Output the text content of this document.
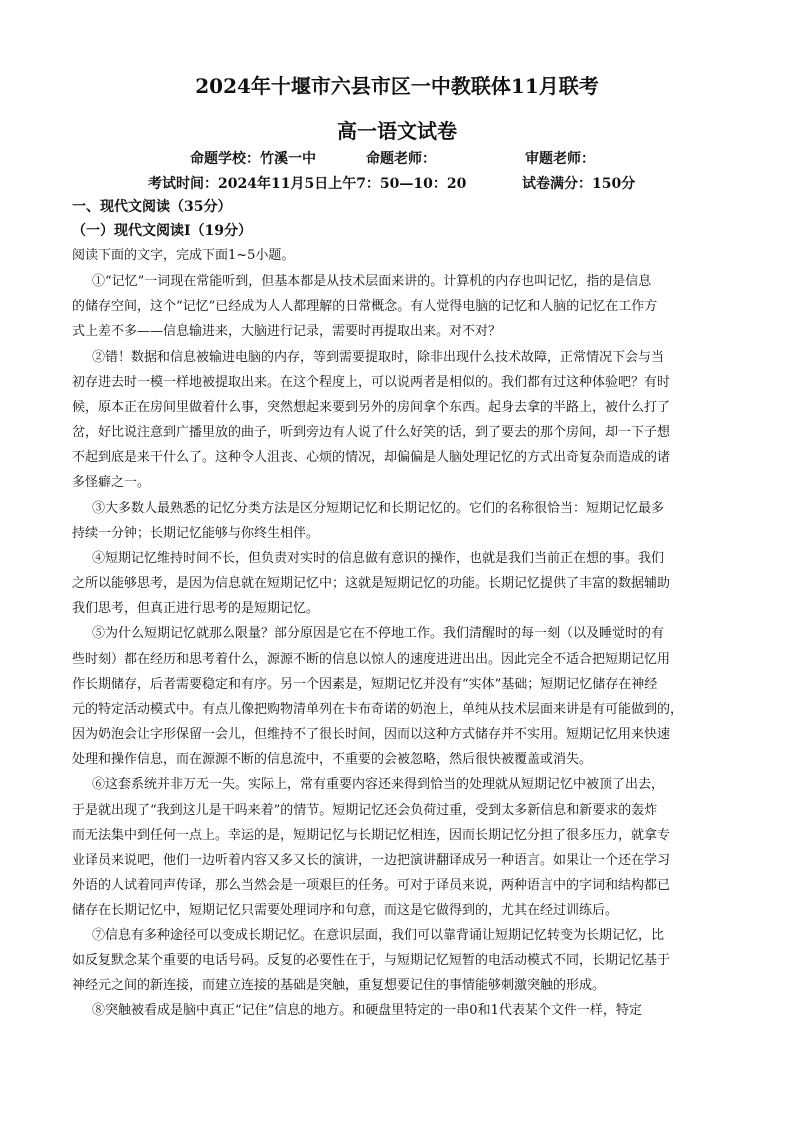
2024年十堰市六县市区一中教联体11月联考
高一语文试卷
命题学校：竹溪一中	命题老师：	审题老师：
考试时间：2024年11月5日上午7：50—10：20	试卷满分：150分
一、现代文阅读（35分）
（一）现代文阅读Ⅰ（19分）
阅读下面的文字，完成下面1~5小题。
①“记忆”一词现在常能听到，但基本都是从技术层面来讲的。计算机的内存也叫记忆，指的是信息
的储存空间，这个“记忆”已经成为人人都理解的日常概念。有人觉得电脑的记忆和人脑的记忆在工作方
式上差不多——信息输进来，大脑进行记录，需要时再提取出来。对不对？
②错！数据和信息被输进电脑的内存，等到需要提取时，除非出现什么技术故障，正常情况下会与当
初存进去时一模一样地被提取出来。在这个程度上，可以说两者是相似的。我们都有过这种体验吧？有时
候，原本正在房间里做着什么事，突然想起来要到另外的房间拿个东西。起身去拿的半路上，被什么打了
岔，好比说注意到广播里放的曲子，听到旁边有人说了什么好笑的话，到了要去的那个房间，却一下子想
不起到底是来干什么了。这种令人沮丧、心烦的情况，却偏偏是人脑处理记忆的方式出奇复杂而造成的诸
多怪癖之一。
③大多数人最熟悉的记忆分类方法是区分短期记忆和长期记忆的。它们的名称很恰当：短期记忆最多
持续一分钟；长期记忆能够与你终生相伴。
④短期记忆维持时间不长，但负责对实时的信息做有意识的操作，也就是我们当前正在想的事。我们
之所以能够思考，是因为信息就在短期记忆中；这就是短期记忆的功能。长期记忆提供了丰富的数据辅助
我们思考，但真正进行思考的是短期记忆。
⑤为什么短期记忆就那么限量？部分原因是它在不停地工作。我们清醒时的每一刻（以及睡觉时的有
些时刻）都在经历和思考着什么，源源不断的信息以惊人的速度进进出出。因此完全不适合把短期记忆用
作长期储存，后者需要稳定和有序。另一个因素是，短期记忆并没有“实体”基础；短期记忆储存在神经
元的特定活动模式中。有点儿像把购物清单列在卡布奇诺的奶泡上，单纯从技术层面来讲是有可能做到的，
因为奶泡会让字形保留一会儿，但维持不了很长时间，因而以这种方式储存并不实用。短期记忆用来快速
处理和操作信息，而在源源不断的信息流中，不重要的会被忽略，然后很快被覆盖或消失。
⑥这套系统并非万无一失。实际上，常有重要内容还来得到恰当的处理就从短期记忆中被顶了出去，
于是就出现了“我到这儿是干吗来着”的情节。短期记忆还会负荷过重，受到太多新信息和新要求的轰炸
而无法集中到任何一点上。幸运的是，短期记忆与长期记忆相连，因而长期记忆分担了很多压力，就拿专
业译员来说吧，他们一边听着内容又多又长的演讲，一边把演讲翻译成另一种语言。如果让一个还在学习
外语的人试着同声传译，那么当然会是一项艰巨的任务。可对于译员来说，两种语言中的字词和结构都已
储存在长期记忆中，短期记忆只需要处理词序和句意，而这是它做得到的，尤其在经过训练后。
⑦信息有多种途径可以变成长期记忆。在意识层面，我们可以靠背诵让短期记忆转变为长期记忆，比
如反复默念某个重要的电话号码。反复的必要性在于，与短期记忆短暂的电活动模式不同，长期记忆基于
神经元之间的新连接，而建立连接的基础是突触，重复想要记住的事情能够刺激突触的形成。
⑧突触被看成是脑中真正“记住”信息的地方。和硬盘里特定的一串0和1代表某个文件一样，特定
